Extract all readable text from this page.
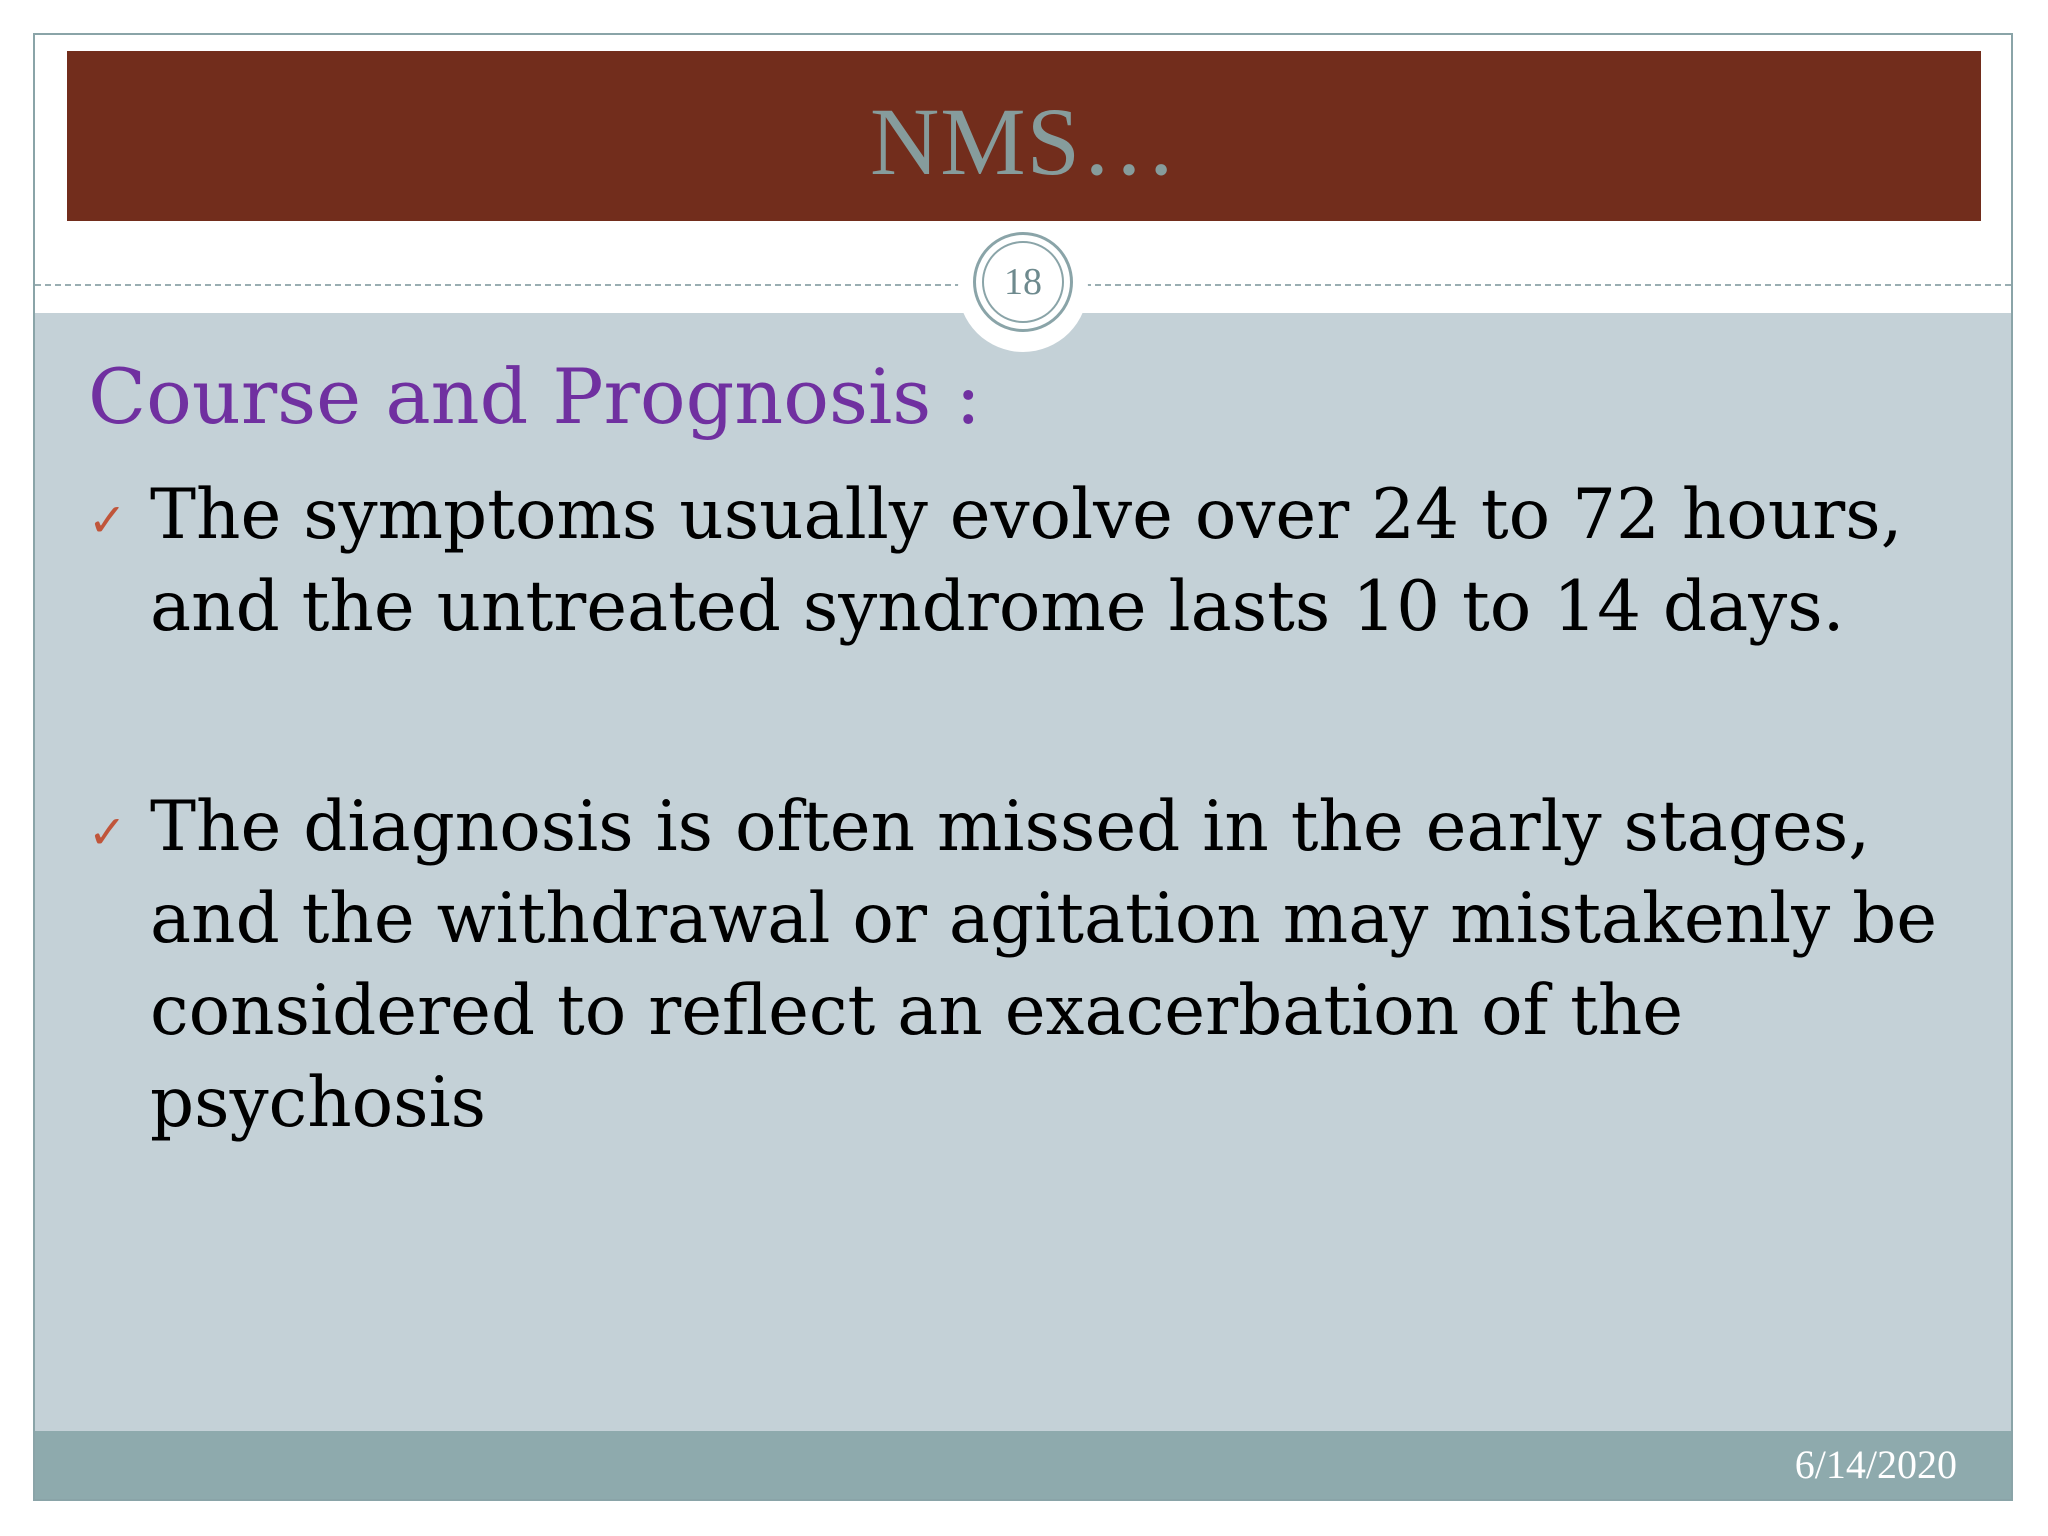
NMS…
18
Course and Prognosis :
✓ The symptoms usually evolve over 24 to 72 hours, and the untreated syndrome lasts 10 to 14 days.
✓ The diagnosis is often missed in the early stages, and the withdrawal or agitation may mistakenly be considered to reflect an exacerbation of the psychosis
6/14/2020
